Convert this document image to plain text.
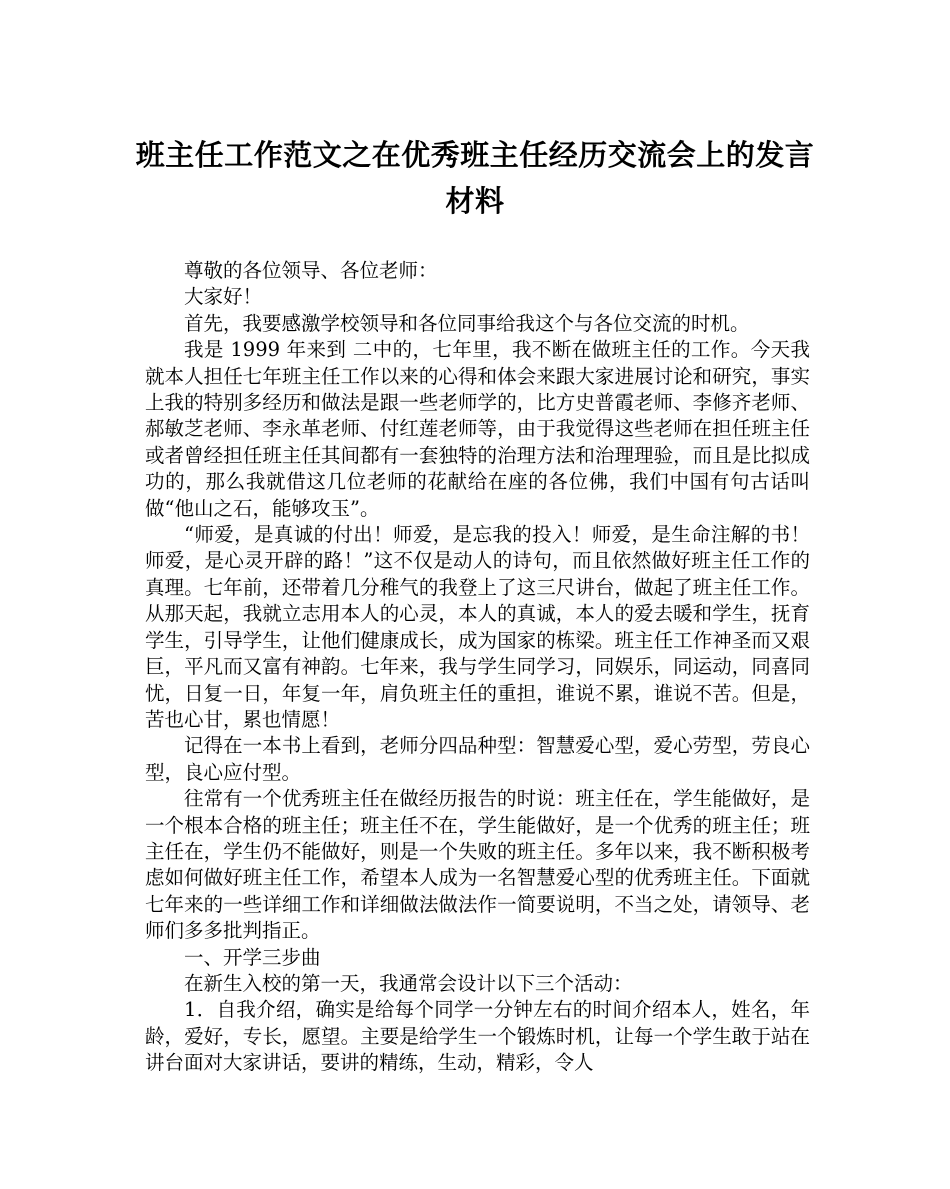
班主任工作范文之在优秀班主任经历交流会上的发言材料

尊敬的各位领导、各位老师：

大家好！

首先，我要感激学校领导和各位同事给我这个与各位交流的时机。

我是 1999 年来到 二中的，七年里，我不断在做班主任的工作。今天我就本人担任七年班主任工作以来的心得和体会来跟大家进展讨论和研究，事实上我的特别多经历和做法是跟一些老师学的，比方史普霞老师、李修齐老师、郝敏芝老师、李永革老师、付红莲老师等，由于我觉得这些老师在担任班主任或者曾经担任班主任其间都有一套独特的治理方法和治理理验，而且是比拟成功的，那么我就借这几位老师的花献给在座的各位佛，我们中国有句古话叫做“他山之石，能够攻玉”。

“师爱，是真诚的付出！师爱，是忘我的投入！师爱，是生命注解的书！师爱，是心灵开辟的路！”这不仅是动人的诗句，而且依然做好班主任工作的真理。七年前，还带着几分稚气的我登上了这三尺讲台，做起了班主任工作。从那天起，我就立志用本人的心灵，本人的真诚，本人的爱去暖和学生，抚育学生，引导学生，让他们健康成长，成为国家的栋梁。班主任工作神圣而又艰巨，平凡而又富有神韵。七年来，我与学生同学习，同娱乐，同运动，同喜同忧，日复一日，年复一年，肩负班主任的重担，谁说不累，谁说不苦。但是，苦也心甘，累也情愿！

记得在一本书上看到，老师分四品种型：智慧爱心型，爱心劳型，劳良心型，良心应付型。

往常有一个优秀班主任在做经历报告的时说：班主任在，学生能做好，是一个根本合格的班主任；班主任不在，学生能做好，是一个优秀的班主任；班主任在，学生仍不能做好，则是一个失败的班主任。多年以来，我不断积极考虑如何做好班主任工作，希望本人成为一名智慧爱心型的优秀班主任。下面就七年来的一些详细工作和详细做法做法作一简要说明，不当之处，请领导、老师们多多批判指正。

一、开学三步曲

在新生入校的第一天，我通常会设计以下三个活动：

1．自我介绍，确实是给每个同学一分钟左右的时间介绍本人，姓名，年龄，爱好，专长，愿望。主要是给学生一个锻炼时机，让每一个学生敢于站在讲台面对大家讲话，要讲的精练，生动，精彩，令人
